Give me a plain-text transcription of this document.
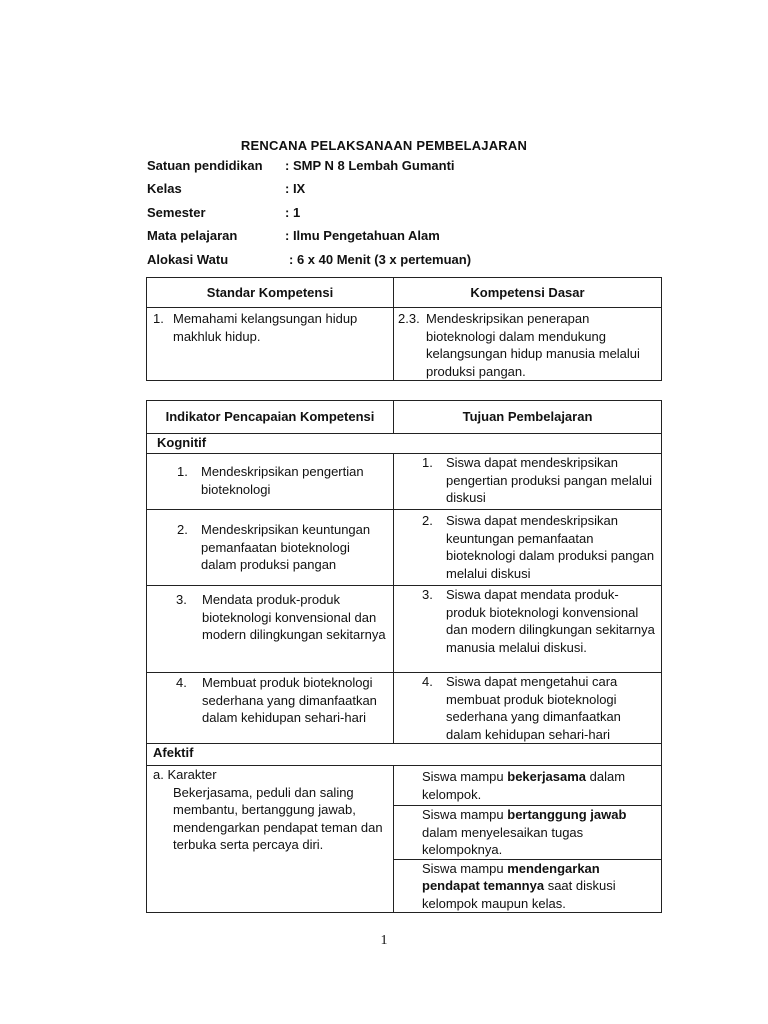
RENCANA PELAKSANAAN PEMBELAJARAN
Satuan pendidikan : SMP N 8 Lembah Gumanti
Kelas	: IX
Semester	: 1
Mata pelajaran	: Ilmu Pengetahuan Alam
Alokasi Watu	: 6 x 40 Menit (3 x pertemuan)
Standar Kompetensi	Kompetensi Dasar

1. Memahami kelangsungan hidup makhluk hidup.	2.3. Mendeskripsikan penerapan bioteknologi dalam mendukung kelangsungan hidup manusia melalui produksi pangan.
Indikator Pencapaian Kompetensi	Tujuan Pembelajaran
Kognitif	

1. Mendeskripsikan pengertian bioteknologi	1. Siswa dapat mendeskripsikan pengertian produksi pangan melalui diskusi

2. Mendeskripsikan keuntungan pemanfaatan bioteknologi dalam produksi pangan	2. Siswa dapat mendeskripsikan keuntungan pemanfaatan bioteknologi dalam produksi pangan melalui diskusi

3. Mendata produk-produk bioteknologi konvensional dan modern dilingkungan sekitarnya	3. Siswa dapat mendata produk-produk bioteknologi konvensional dan modern dilingkungan sekitarnya manusia melalui diskusi.

4. Membuat produk bioteknologi sederhana yang dimanfaatkan dalam kehidupan sehari-hari	4. Siswa dapat mengetahui cara membuat produk bioteknologi sederhana yang dimanfaatkan dalam kehidupan sehari-hari

Afektif	

a. Karakter
Bekerjasama, peduli dan saling membantu, bertanggung jawab, mendengarkan pendapat teman dan terbuka serta percaya diri.	Siswa mampu bekerjasama dalam kelompok.

	Siswa mampu bertanggung jawab dalam menyelesaikan tugas kelompoknya.

	Siswa mampu mendengarkan pendapat temannya saat diskusi kelompok maupun kelas.
1
